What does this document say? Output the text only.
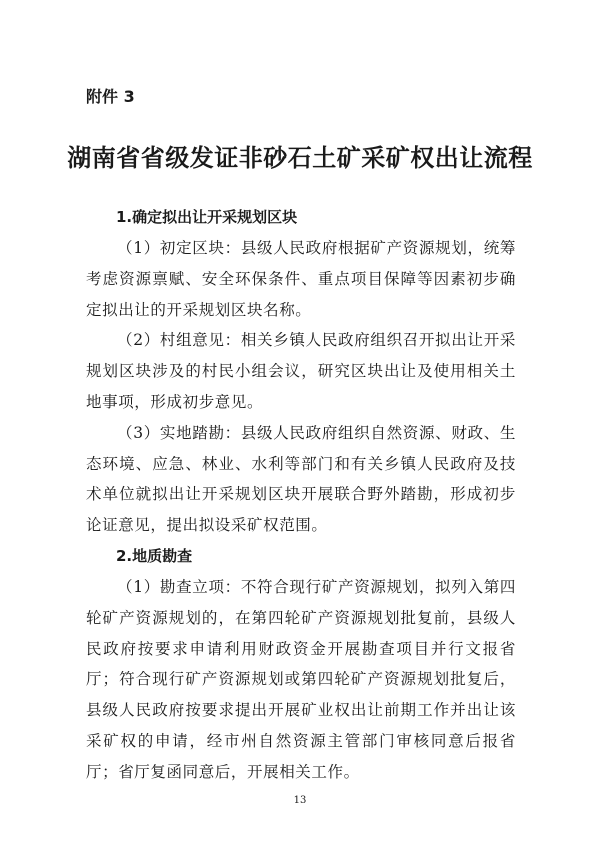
附件 3
湖南省省级发证非砂石土矿采矿权出让流程
1.确定拟出让开采规划区块
（1）初定区块：县级人民政府根据矿产资源规划，统筹考虑资源禀赋、安全环保条件、重点项目保障等因素初步确定拟出让的开采规划区块名称。
（2）村组意见：相关乡镇人民政府组织召开拟出让开采规划区块涉及的村民小组会议，研究区块出让及使用相关土地事项，形成初步意见。
（3）实地踏勘：县级人民政府组织自然资源、财政、生态环境、应急、林业、水利等部门和有关乡镇人民政府及技术单位就拟出让开采规划区块开展联合野外踏勘，形成初步论证意见，提出拟设采矿权范围。
2.地质勘查
（1）勘查立项：不符合现行矿产资源规划，拟列入第四轮矿产资源规划的，在第四轮矿产资源规划批复前，县级人民政府按要求申请利用财政资金开展勘查项目并行文报省厅；符合现行矿产资源规划或第四轮矿产资源规划批复后，县级人民政府按要求提出开展矿业权出让前期工作并出让该采矿权的申请，经市州自然资源主管部门审核同意后报省厅；省厅复函同意后，开展相关工作。
13
